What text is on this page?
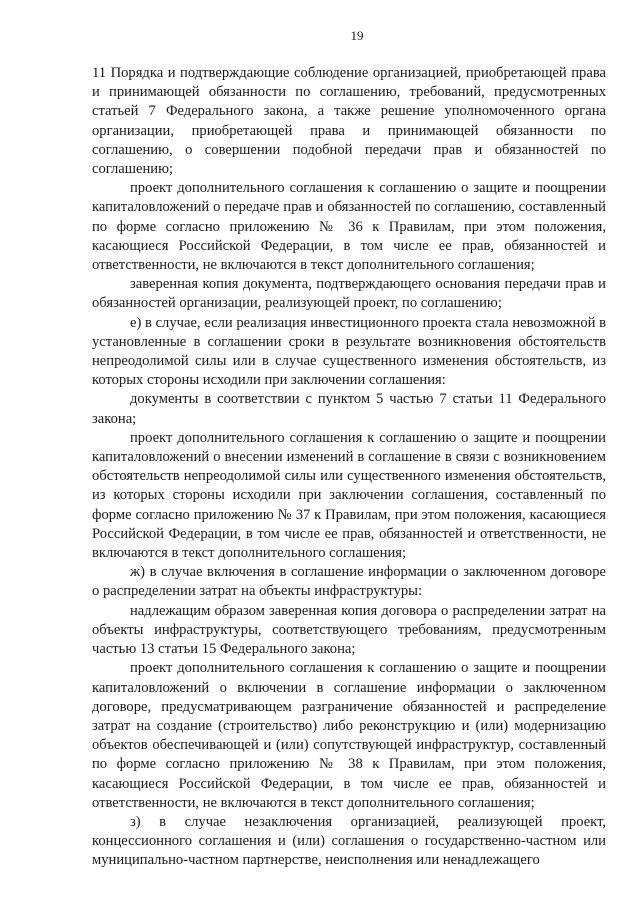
19

11 Порядка и подтверждающие соблюдение организацией, приобретающей права и принимающей обязанности по соглашению, требований, предусмотренных статьей 7 Федерального закона, а также решение уполномоченного органа организации, приобретающей права и принимающей обязанности по соглашению, о совершении подобной передачи прав и обязанностей по соглашению;

проект дополнительного соглашения к соглашению о защите и поощрении капиталовложений о передаче прав и обязанностей по соглашению, составленный по форме согласно приложению № 36 к Правилам, при этом положения, касающиеся Российской Федерации, в том числе ее прав, обязанностей и ответственности, не включаются в текст дополнительного соглашения;

заверенная копия документа, подтверждающего основания передачи прав и обязанностей организации, реализующей проект, по соглашению;

е) в случае, если реализация инвестиционного проекта стала невозможной в установленные в соглашении сроки в результате возникновения обстоятельств непреодолимой силы или в случае существенного изменения обстоятельств, из которых стороны исходили при заключении соглашения:

документы в соответствии с пунктом 5 частью 7 статьи 11 Федерального закона;

проект дополнительного соглашения к соглашению о защите и поощрении капиталовложений о внесении изменений в соглашение в связи с возникновением обстоятельств непреодолимой силы или существенного изменения обстоятельств, из которых стороны исходили при заключении соглашения, составленный по форме согласно приложению № 37 к Правилам, при этом положения, касающиеся Российской Федерации, в том числе ее прав, обязанностей и ответственности, не включаются в текст дополнительного соглашения;

ж) в случае включения в соглашение информации о заключенном договоре о распределении затрат на объекты инфраструктуры:

надлежащим образом заверенная копия договора о распределении затрат на объекты инфраструктуры, соответствующего требованиям, предусмотренным частью 13 статьи 15 Федерального закона;

проект дополнительного соглашения к соглашению о защите и поощрении капиталовложений о включении в соглашение информации о заключенном договоре, предусматривающем разграничение обязанностей и распределение затрат на создание (строительство) либо реконструкцию и (или) модернизацию объектов обеспечивающей и (или) сопутствующей инфраструктур, составленный по форме согласно приложению № 38 к Правилам, при этом положения, касающиеся Российской Федерации, в том числе ее прав, обязанностей и ответственности, не включаются в текст дополнительного соглашения;

з) в случае незаключения организацией, реализующей проект, концессионного соглашения и (или) соглашения о государственно-частном или муниципально-частном партнерстве, неисполнения или ненадлежащего
